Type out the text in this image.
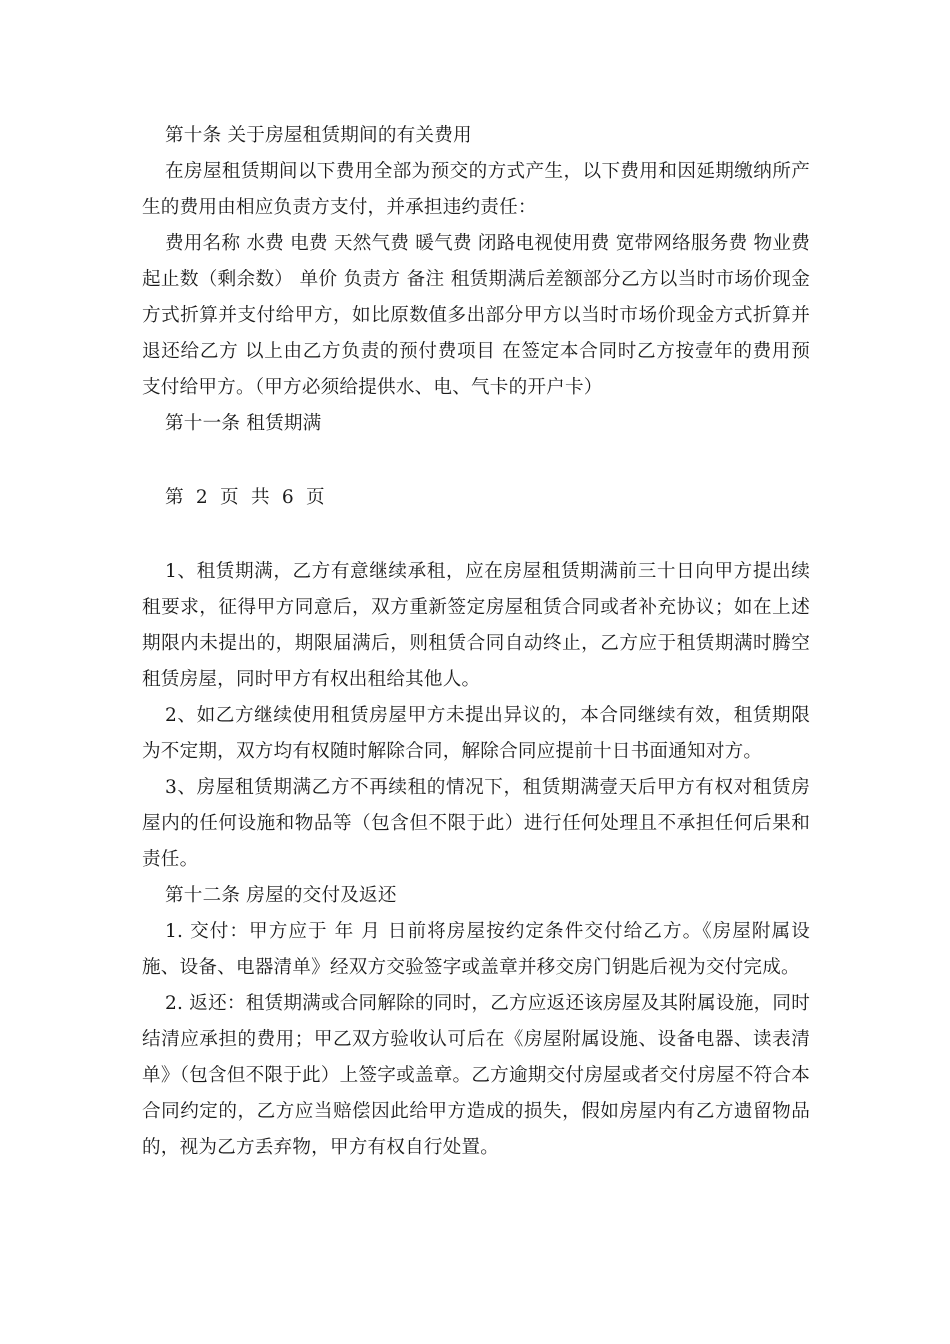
第十条 关于房屋租赁期间的有关费用

在房屋租赁期间以下费用全部为预交的方式产生，以下费用和因延期缴纳所产生的费用由相应负责方支付，并承担违约责任：

费用名称 水费 电费 天然气费 暖气费 闭路电视使用费 宽带网络服务费 物业费 起止数（剩余数） 单价 负责方 备注 租赁期满后差额部分乙方以当时市场价现金方式折算并支付给甲方，如比原数值多出部分甲方以当时市场价现金方式折算并退还给乙方 以上由乙方负责的预付费项目 在签定本合同时乙方按壹年的费用预支付给甲方。（甲方必须给提供水、电、气卡的开户卡）

第十一条 租赁期满

第 2 页 共 6 页

1、租赁期满，乙方有意继续承租，应在房屋租赁期满前三十日向甲方提出续租要求，征得甲方同意后，双方重新签定房屋租赁合同或者补充协议；如在上述期限内未提出的，期限届满后，则租赁合同自动终止，乙方应于租赁期满时腾空租赁房屋，同时甲方有权出租给其他人。

2、如乙方继续使用租赁房屋甲方未提出异议的，本合同继续有效，租赁期限为不定期，双方均有权随时解除合同，解除合同应提前十日书面通知对方。

3、房屋租赁期满乙方不再续租的情况下，租赁期满壹天后甲方有权对租赁房屋内的任何设施和物品等（包含但不限于此）进行任何处理且不承担任何后果和责任。

第十二条 房屋的交付及返还

1. 交付：甲方应于 年 月 日前将房屋按约定条件交付给乙方。《房屋附属设施、设备、电器清单》经双方交验签字或盖章并移交房门钥匙后视为交付完成。

2. 返还：租赁期满或合同解除的同时，乙方应返还该房屋及其附属设施，同时结清应承担的费用；甲乙双方验收认可后在《房屋附属设施、设备电器、读表清单》（包含但不限于此）上签字或盖章。乙方逾期交付房屋或者交付房屋不符合本合同约定的，乙方应当赔偿因此给甲方造成的损失，假如房屋内有乙方遗留物品的，视为乙方丢弃物，甲方有权自行处置。
